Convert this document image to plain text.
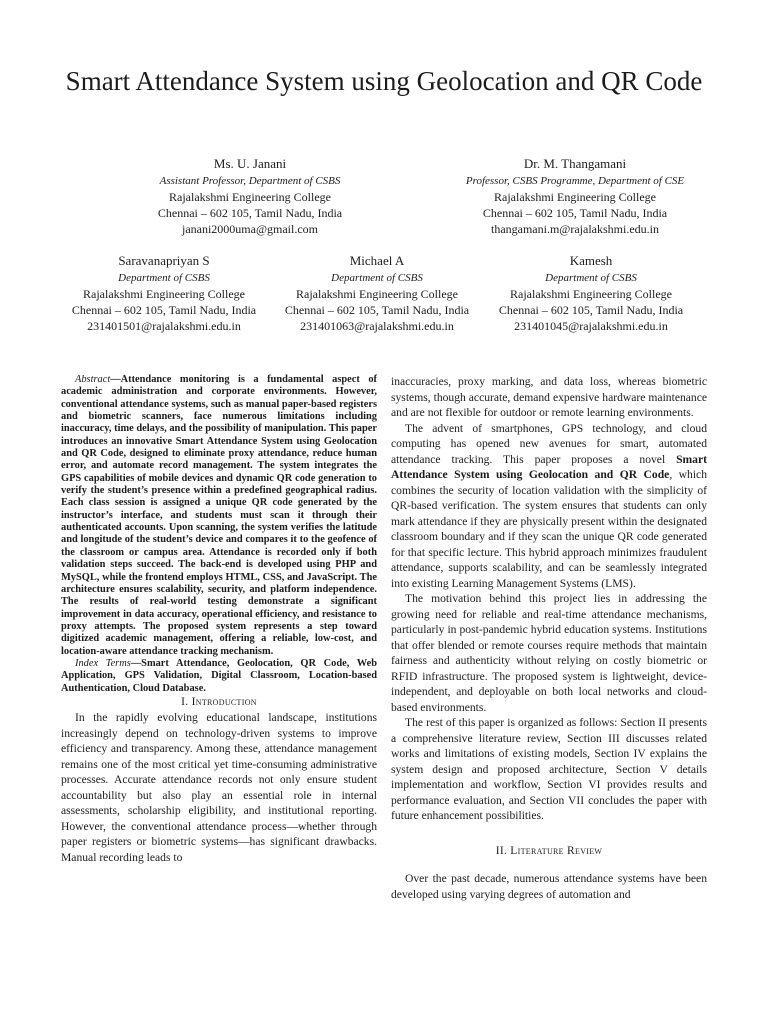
Smart Attendance System using Geolocation and QR Code
Ms. U. Janani
Assistant Professor, Department of CSBS
Rajalakshmi Engineering College
Chennai – 602 105, Tamil Nadu, India
janani2000uma@gmail.com
Dr. M. Thangamani
Professor, CSBS Programme, Department of CSE
Rajalakshmi Engineering College
Chennai – 602 105, Tamil Nadu, India
thangamani.m@rajalakshmi.edu.in
Saravanapriyan S
Department of CSBS
Rajalakshmi Engineering College
Chennai – 602 105, Tamil Nadu, India
231401501@rajalakshmi.edu.in
Michael A
Department of CSBS
Rajalakshmi Engineering College
Chennai – 602 105, Tamil Nadu, India
231401063@rajalakshmi.edu.in
Kamesh
Department of CSBS
Rajalakshmi Engineering College
Chennai – 602 105, Tamil Nadu, India
231401045@rajalakshmi.edu.in

Abstract—Attendance monitoring is a fundamental aspect of academic administration and corporate environments. However, conventional attendance systems, such as manual paper-based registers and biometric scanners, face numerous limitations including inaccuracy, time delays, and the possibility of manipulation. This paper introduces an innovative Smart Attendance System using Geolocation and QR Code, designed to eliminate proxy attendance, reduce human error, and automate record management. The system integrates the GPS capabilities of mobile devices and dynamic QR code generation to verify the student’s presence within a predefined geographical radius. Each class session is assigned a unique QR code generated by the instructor’s interface, and students must scan it through their authenticated accounts. Upon scanning, the system verifies the latitude and longitude of the student’s device and compares it to the geofence of the classroom or campus area. Attendance is recorded only if both validation steps succeed. The back-end is developed using PHP and MySQL, while the frontend employs HTML, CSS, and JavaScript. The architecture ensures scalability, security, and platform independence. The results of real-world testing demonstrate a significant improvement in data accuracy, operational efficiency, and resistance to proxy attempts. The proposed system represents a step toward digitized academic management, offering a reliable, low-cost, and location-aware attendance tracking mechanism.

Index Terms—Smart Attendance, Geolocation, QR Code, Web Application, GPS Validation, Digital Classroom, Location-based Authentication, Cloud Database.

I. Introduction

In the rapidly evolving educational landscape, institutions increasingly depend on technology-driven systems to improve efficiency and transparency. Among these, attendance management remains one of the most critical yet time-consuming administrative processes. Accurate attendance records not only ensure student accountability but also play an essential role in internal assessments, scholarship eligibility, and institutional reporting. However, the conventional attendance process—whether through paper registers or biometric systems—has significant drawbacks. Manual recording leads to

inaccuracies, proxy marking, and data loss, whereas biometric systems, though accurate, demand expensive hardware maintenance and are not flexible for outdoor or remote learning environments.

The advent of smartphones, GPS technology, and cloud computing has opened new avenues for smart, automated attendance tracking. This paper proposes a novel Smart Attendance System using Geolocation and QR Code, which combines the security of location validation with the simplicity of QR-based verification. The system ensures that students can only mark attendance if they are physically present within the designated classroom boundary and if they scan the unique QR code generated for that specific lecture. This hybrid approach minimizes fraudulent attendance, supports scalability, and can be seamlessly integrated into existing Learning Management Systems (LMS).

The motivation behind this project lies in addressing the growing need for reliable and real-time attendance mechanisms, particularly in post-pandemic hybrid education systems. Institutions that offer blended or remote courses require methods that maintain fairness and authenticity without relying on costly biometric or RFID infrastructure. The proposed system is lightweight, device-independent, and deployable on both local networks and cloud-based environments.

The rest of this paper is organized as follows: Section II presents a comprehensive literature review, Section III discusses related works and limitations of existing models, Section IV explains the system design and proposed architecture, Section V details implementation and workflow, Section VI provides results and performance evaluation, and Section VII concludes the paper with future enhancement possibilities.

II. Literature Review

Over the past decade, numerous attendance systems have been developed using varying degrees of automation and
